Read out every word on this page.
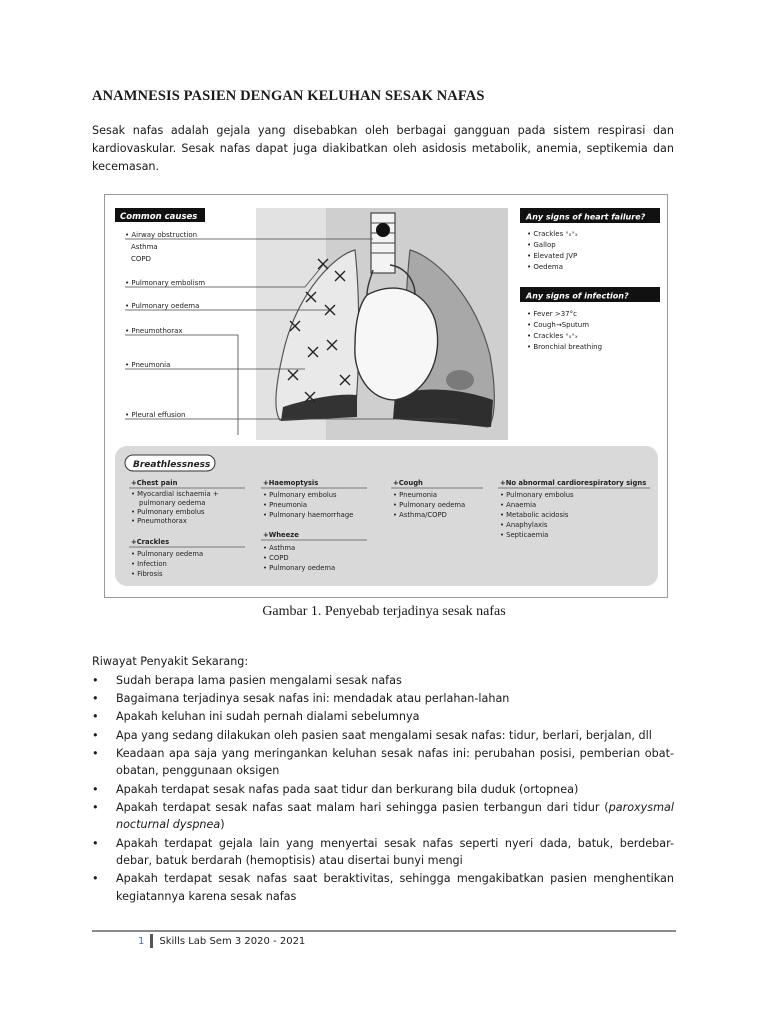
ANAMNESIS PASIEN DENGAN KELUHAN SESAK NAFAS
Sesak nafas adalah gejala yang disebabkan oleh berbagai gangguan pada sistem respirasi dan kardiovaskular. Sesak nafas dapat juga diakibatkan oleh asidosis metabolik, anemia, septikemia dan kecemasan.
Common causes
• Airway obstruction
Asthma
COPD
• Pulmonary embolism
• Pulmonary oedema
• Pneumothorax
• Pneumonia
• Pleural effusion
Any signs of heart failure?
• Crackles ˣₓˣₓ
• Gallop
• Elevated JVP
• Oedema
Any signs of infection?
• Fever >37°c
• Cough→Sputum
• Crackles ˣₓˣₓ
• Bronchial breathing
Breathlessness
+Chest pain
• Myocardial ischaemia +
pulmonary oedema
• Pulmonary embolus
• Pneumothorax
+Crackles
• Pulmonary oedema
• Infection
• Fibrosis
+Haemoptysis
• Pulmonary embolus
• Pneumonia
• Pulmonary haemorrhage
+Wheeze
• Asthma
• COPD
• Pulmonary oedema
+Cough
• Pneumonia
• Pulmonary oedema
• Asthma/COPD
+No abnormal cardiorespiratory signs
• Pulmonary embolus
• Anaemia
• Metabolic acidosis
• Anaphylaxis
• Septicaemia
Gambar 1. Penyebab terjadinya sesak nafas
Riwayat Penyakit Sekarang:
• Sudah berapa lama pasien mengalami sesak nafas
• Bagaimana terjadinya sesak nafas ini: mendadak atau perlahan-lahan
• Apakah keluhan ini sudah pernah dialami sebelumnya
• Apa yang sedang dilakukan oleh pasien saat mengalami sesak nafas: tidur, berlari, berjalan, dll
• Keadaan apa saja yang meringankan keluhan sesak nafas ini: perubahan posisi, pemberian obat-obatan, penggunaan oksigen
• Apakah terdapat sesak nafas pada saat tidur dan berkurang bila duduk (ortopnea)
• Apakah terdapat sesak nafas saat malam hari sehingga pasien terbangun dari tidur (paroxysmal nocturnal dyspnea)
• Apakah terdapat gejala lain yang menyertai sesak nafas seperti nyeri dada, batuk, berdebar-debar, batuk berdarah (hemoptisis) atau disertai bunyi mengi
• Apakah terdapat sesak nafas saat beraktivitas, sehingga mengakibatkan pasien menghentikan kegiatannya karena sesak nafas
1 Skills Lab Sem 3 2020 - 2021
